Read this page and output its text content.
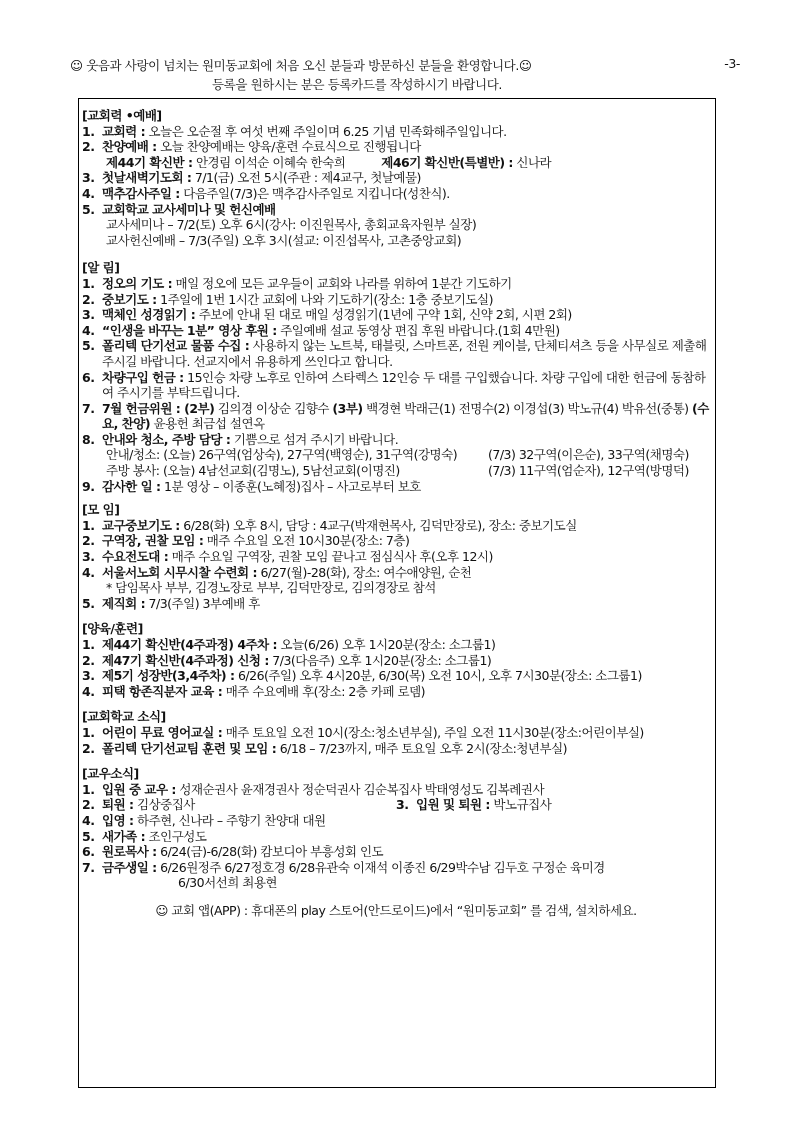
☺ 웃음과 사랑이 넘치는 원미동교회에 처음 오신 분들과 방문하신 분들을 환영합니다.☺	-3-
등록을 원하시는 분은 등록카드를 작성하시기 바랍니다.
[교회력 •예배]
1. 교회력 : 오늘은 오순절 후 여섯 번째 주일이며 6.25 기념 민족화해주일입니다.
2. 찬양예배 : 오늘 찬양예배는 양육/훈련 수료식으로 진행됩니다
제44기 확신반 : 안경림 이석순 이혜숙 한숙희	제46기 확신반(특별반) : 신나라
3. 첫날새벽기도회 : 7/1(금) 오전 5시(주관 : 제4교구, 첫날예물)
4. 맥추감사주일 : 다음주일(7/3)은 맥추감사주일로 지킵니다(성찬식).
5. 교회학교 교사세미나 및 헌신예배
교사세미나 – 7/2(토) 오후 6시(강사: 이진원목사, 총회교육자원부 실장)
교사헌신예배 – 7/3(주일) 오후 3시(설교: 이진섭목사, 고촌중앙교회)
[알 림]
1. 정오의 기도 : 매일 정오에 모든 교우들이 교회와 나라를 위하여 1분간 기도하기
2. 중보기도 : 1주일에 1번 1시간 교회에 나와 기도하기(장소: 1층 중보기도실)
3. 맥체인 성경읽기 : 주보에 안내 된 대로 매일 성경읽기(1년에 구약 1회, 신약 2회, 시편 2회)
4. “인생을 바꾸는 1분” 영상 후원 : 주일예배 설교 동영상 편집 후원 바랍니다.(1회 4만원)
5. 폴리텍 단기선교 물품 수집 : 사용하지 않는 노트북, 태블릿, 스마트폰, 전원 케이블, 단체티셔츠 등을 사무실로 제출해 주시길 바랍니다. 선교지에서 유용하게 쓰인다고 합니다.
6. 차량구입 헌금 : 15인승 차량 노후로 인하여 스타렉스 12인승 두 대를 구입했습니다. 차량 구입에 대한 헌금에 동참하여 주시기를 부탁드립니다.
7. 7월 헌금위원 : (2부) 김의경 이상순 김향수 (3부) 백경현 박래근(1) 전명수(2) 이경섭(3) 박노규(4) 박유선(중통) (수요, 찬양) 윤용헌 최금섭 설연옥
8. 안내와 청소, 주방 담당 : 기쁨으로 섬겨 주시기 바랍니다.
안내/청소: (오늘) 26구역(엄상숙), 27구역(백영순), 31구역(강명숙)	(7/3) 32구역(이은순), 33구역(채명숙)
주방 봉사: (오늘) 4남선교회(김명노), 5남선교회(이명진)	(7/3) 11구역(엄순자), 12구역(방명덕)
9. 감사한 일 : 1분 영상 – 이종훈(노혜정)집사 – 사고로부터 보호
[모 임]
1. 교구중보기도 : 6/28(화) 오후 8시, 담당 : 4교구(박재현목사, 김덕만장로), 장소: 중보기도실
2. 구역장, 권찰 모임 : 매주 수요일 오전 10시30분(장소: 7층)
3. 수요전도대 : 매주 수요일 구역장, 권찰 모임 끝나고 점심식사 후(오후 12시)
4. 서울서노회 시무시찰 수련회 : 6/27(월)-28(화), 장소: 여수애양원, 순천
* 담임목사 부부, 김경노장로 부부, 김덕만장로, 김의경장로 참석
5. 제직회 : 7/3(주일) 3부예배 후
[양육/훈련]
1. 제44기 확신반(4주과정) 4주차 : 오늘(6/26) 오후 1시20분(장소: 소그룹1)
2. 제47기 확신반(4주과정) 신청 : 7/3(다음주) 오후 1시20분(장소: 소그룹1)
3. 제5기 성장반(3,4주차) : 6/26(주일) 오후 4시20분, 6/30(목) 오전 10시, 오후 7시30분(장소: 소그룹1)
4. 피택 항존직분자 교육 : 매주 수요예배 후(장소: 2층 카페 로뎀)
[교회학교 소식]
1. 어린이 무료 영어교실 : 매주 토요일 오전 10시(장소:청소년부실), 주일 오전 11시30분(장소:어린이부실)
2. 폴리텍 단기선교팀 훈련 및 모임 : 6/18 – 7/23까지, 매주 토요일 오후 2시(장소:청년부실)
[교우소식]
1. 입원 중 교우 : 성재순권사 윤재경권사 정순덕권사 김순복집사 박태영성도 김복례권사
2. 퇴원 : 김상중집사	3. 입원 및 퇴원 : 박노규집사
4. 입영 : 하주현, 신나라 – 주향기 찬양대 대원
5. 새가족 : 조인구성도
6. 원로목사 : 6/24(금)-6/28(화) 캄보디아 부흥성회 인도
7. 금주생일 : 6/26원정주 6/27정호경 6/28유관숙 이재석 이종진 6/29박수남 김두호 구정순 육미경
6/30서선희 최용현
☺ 교회 앱(APP) : 휴대폰의 play 스토어(안드로이드)에서 “원미동교회” 를 검색, 설치하세요.
